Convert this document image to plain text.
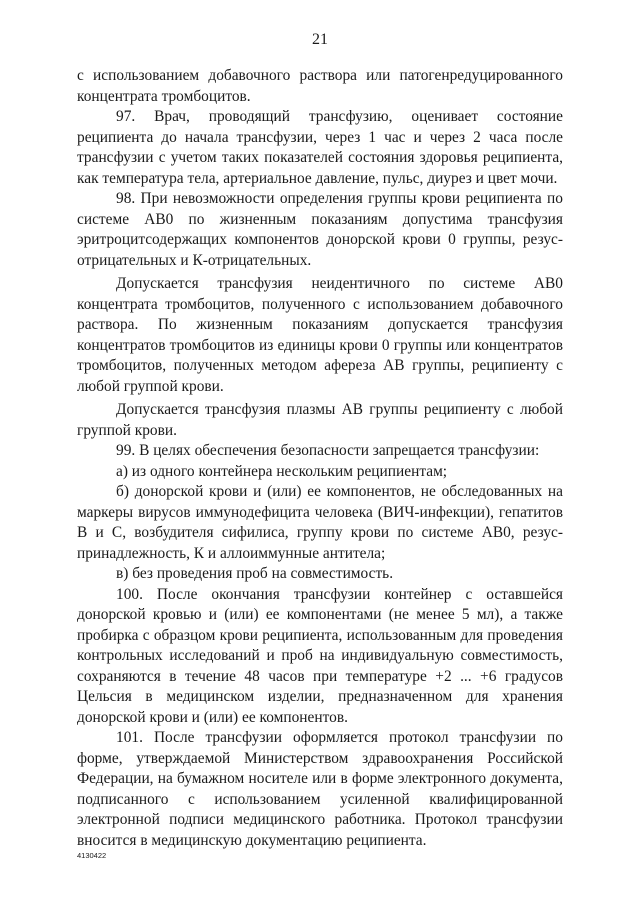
21

с использованием добавочного раствора или патогенредуцированного концентрата тромбоцитов.

97. Врач, проводящий трансфузию, оценивает состояние реципиента до начала трансфузии, через 1 час и через 2 часа после трансфузии с учетом таких показателей состояния здоровья реципиента, как температура тела, артериальное давление, пульс, диурез и цвет мочи.

98. При невозможности определения группы крови реципиента по системе АВ0 по жизненным показаниям допустима трансфузия эритроцитсодержащих компонентов донорской крови 0 группы, резус-отрицательных и К-отрицательных.

Допускается трансфузия неидентичного по системе АВ0 концентрата тромбоцитов, полученного с использованием добавочного раствора. По жизненным показаниям допускается трансфузия концентратов тромбоцитов из единицы крови 0 группы или концентратов тромбоцитов, полученных методом афереза АВ группы, реципиенту с любой группой крови.

Допускается трансфузия плазмы АВ группы реципиенту с любой группой крови.

99. В целях обеспечения безопасности запрещается трансфузии:

а) из одного контейнера нескольким реципиентам;

б) донорской крови и (или) ее компонентов, не обследованных на маркеры вирусов иммунодефицита человека (ВИЧ-инфекции), гепатитов В и С, возбудителя сифилиса, группу крови по системе АВ0, резус-принадлежность, К и аллоиммунные антитела;

в) без проведения проб на совместимость.

100. После окончания трансфузии контейнер с оставшейся донорской кровью и (или) ее компонентами (не менее 5 мл), а также пробирка с образцом крови реципиента, использованным для проведения контрольных исследований и проб на индивидуальную совместимость, сохраняются в течение 48 часов при температуре +2 ... +6 градусов Цельсия в медицинском изделии, предназначенном для хранения донорской крови и (или) ее компонентов.

101. После трансфузии оформляется протокол трансфузии по форме, утверждаемой Министерством здравоохранения Российской Федерации, на бумажном носителе или в форме электронного документа, подписанного с использованием усиленной квалифицированной электронной подписи медицинского работника. Протокол трансфузии вносится в медицинскую документацию реципиента.

4130422
